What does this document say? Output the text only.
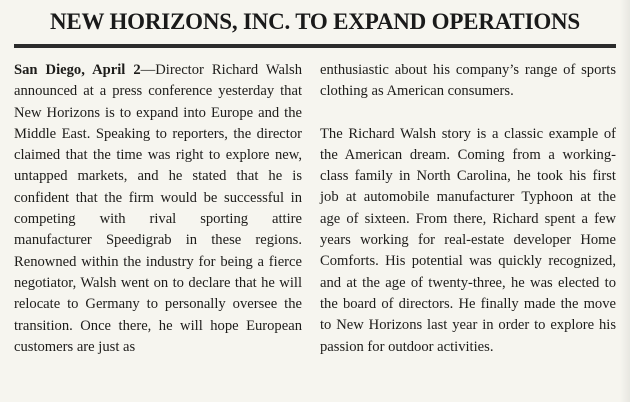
NEW HORIZONS, INC. TO EXPAND OPERATIONS

San Diego, April 2—Director Richard Walsh announced at a press conference yesterday that New Horizons is to expand into Europe and the Middle East. Speaking to reporters, the director claimed that the time was right to explore new, untapped markets, and he stated that he is confident that the firm would be successful in competing with rival sporting attire manufacturer Speedigrab in these regions. Renowned within the industry for being a fierce negotiator, Walsh went on to declare that he will relocate to Germany to personally oversee the transition. Once there, he will hope European customers are just as

enthusiastic about his company’s range of sports clothing as American consumers.

The Richard Walsh story is a classic example of the American dream. Coming from a working-class family in North Carolina, he took his first job at automobile manufacturer Typhoon at the age of sixteen. From there, Richard spent a few years working for real-estate developer Home Comforts. His potential was quickly recognized, and at the age of twenty-three, he was elected to the board of directors. He finally made the move to New Horizons last year in order to explore his passion for outdoor activities.
